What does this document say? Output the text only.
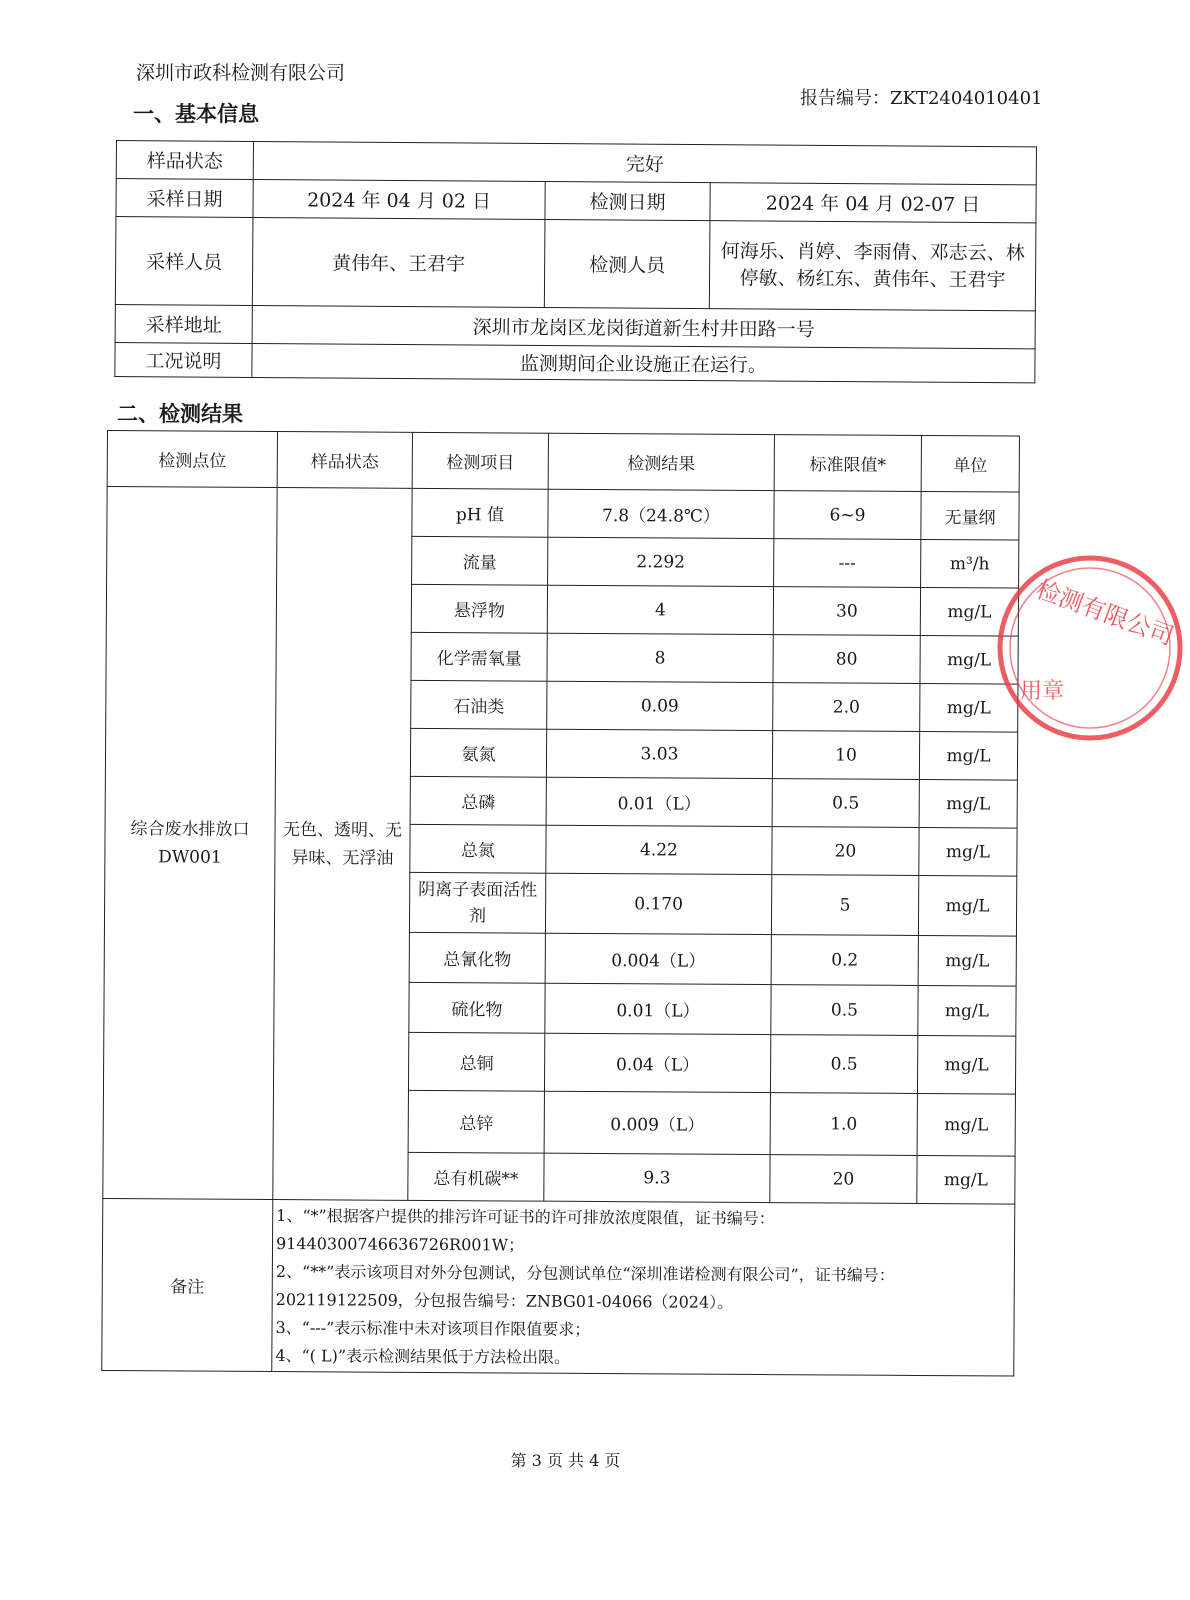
深圳市政科检测有限公司
报告编号：ZKT2404010401
一、基本信息
样品状态	完好		
采样日期	2024 年 04 月 02 日	检测日期	2024 年 04 月 02-07 日
采样人员	黄伟年、王君宇	检测人员	何海乐、肖婷、李雨倩、邓志云、林停敏、杨红东、黄伟年、王君宇
采样地址	深圳市龙岗区龙岗街道新生村井田路一号		
工况说明	监测期间企业设施正在运行。		
二、检测结果
检测点位	样品状态	检测项目	检测结果	标准限值*	单位
综合废水排放口DW001	无色、透明、无异味、无浮油	pH 值	7.8（24.8℃）	6~9	无量纲
		流量	2.292	---	m³/h
		悬浮物	4	30	mg/L
		化学需氧量	8	80	mg/L
		石油类	0.09	2.0	mg/L
		氨氮	3.03	10	mg/L
		总磷	0.01（L）	0.5	mg/L
		总氮	4.22	20	mg/L
		阴离子表面活性剂	0.170	5	mg/L
		总氰化物	0.004（L）	0.2	mg/L
		硫化物	0.01（L）	0.5	mg/L
		总铜	0.04（L）	0.5	mg/L
		总锌	0.009（L）	1.0	mg/L
		总有机碳**	9.3	20	mg/L
备注	1、“*”根据客户提供的排污许可证书的许可排放浓度限值，证书编号：91440300746636726R001W；
2、“**”表示该项目对外分包测试，分包测试单位“深圳准诺检测有限公司”，证书编号：202119122509，分包报告编号：ZNBG01-04066（2024）。
3、“---”表示标准中未对该项目作限值要求；
4、“( L)”表示检测结果低于方法检出限。				
检测有限公司
用章
第 3 页 共 4 页
